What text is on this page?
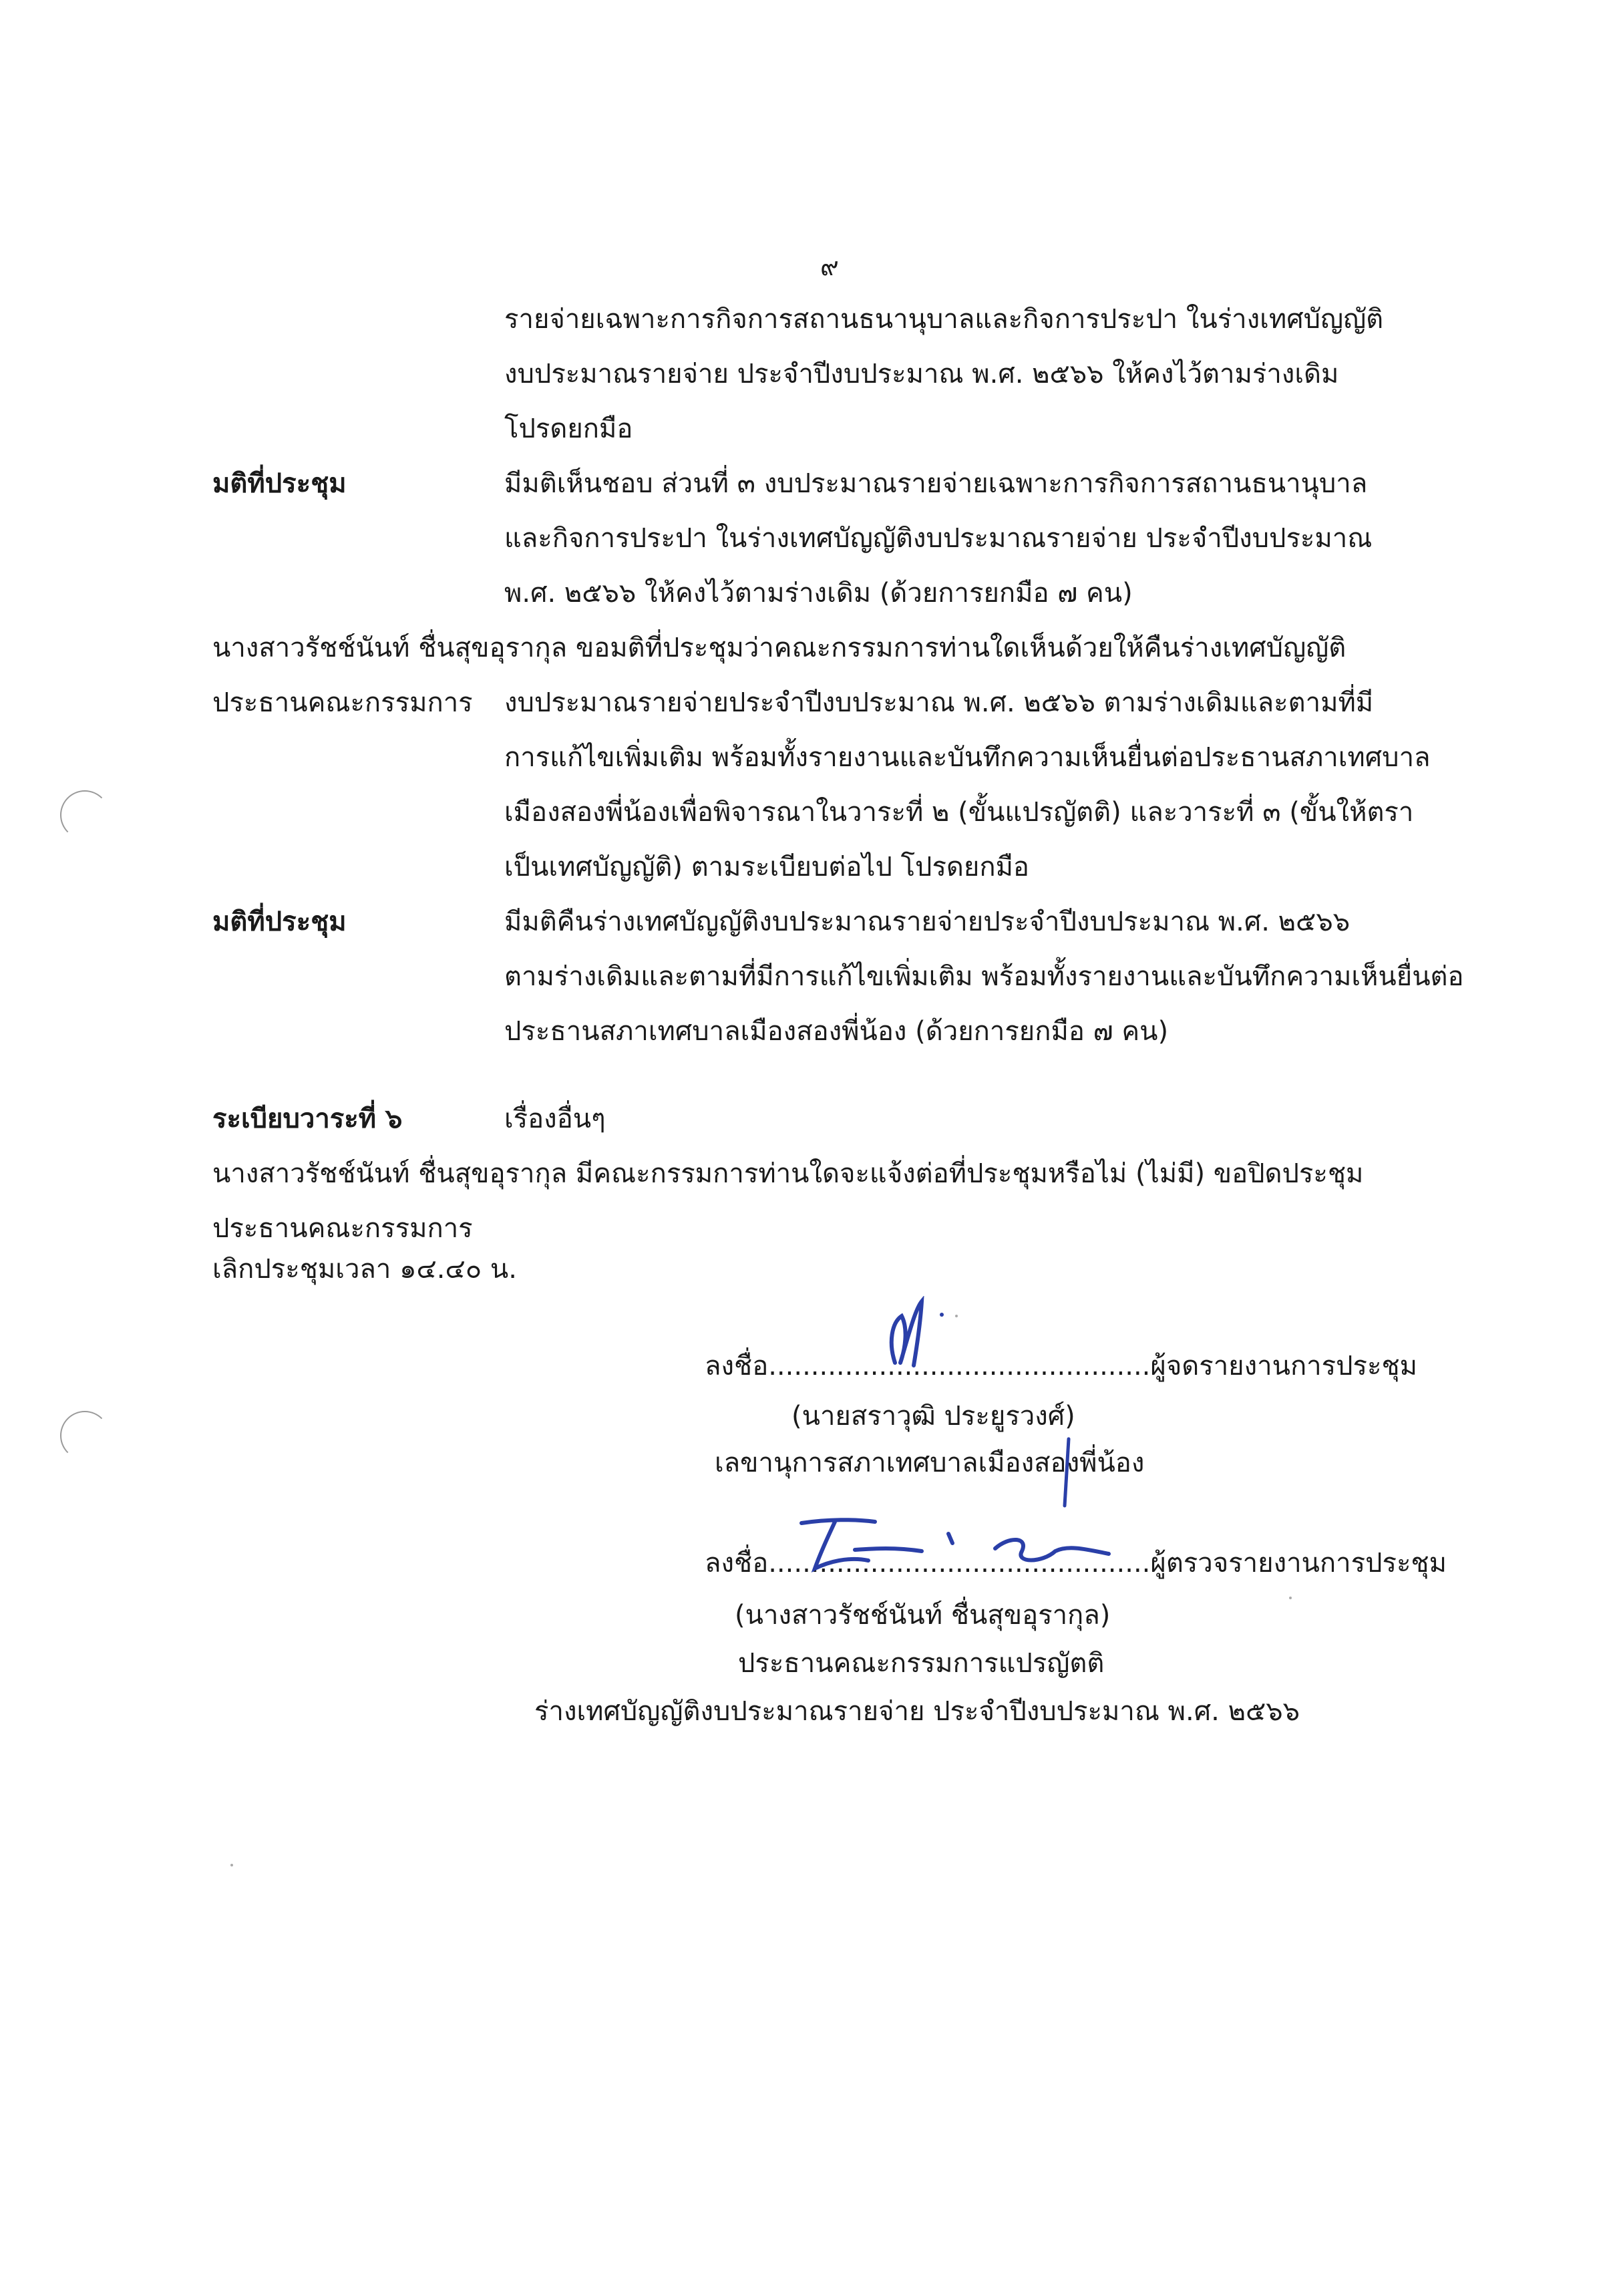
๙
รายจ่ายเฉพาะการกิจการสถานธนานุบาลและกิจการประปา ในร่างเทศบัญญัติ
งบประมาณรายจ่าย ประจำปีงบประมาณ พ.ศ. ๒๕๖๖ ให้คงไว้ตามร่างเดิม
โปรดยกมือ
มติที่ประชุม	มีมติเห็นชอบ ส่วนที่ ๓ งบประมาณรายจ่ายเฉพาะการกิจการสถานธนานุบาล
และกิจการประปา ในร่างเทศบัญญัติงบประมาณรายจ่าย ประจำปีงบประมาณ
พ.ศ. ๒๕๖๖ ให้คงไว้ตามร่างเดิม (ด้วยการยกมือ ๗ คน)
นางสาวรัชช์นันท์ ชื่นสุขอุรากุล ขอมติที่ประชุมว่าคณะกรรมการท่านใดเห็นด้วยให้คืนร่างเทศบัญญัติ
ประธานคณะกรรมการ งบประมาณรายจ่ายประจำปีงบประมาณ พ.ศ. ๒๕๖๖ ตามร่างเดิมและตามที่มี
การแก้ไขเพิ่มเติม พร้อมทั้งรายงานและบันทึกความเห็นยื่นต่อประธานสภาเทศบาล
เมืองสองพี่น้องเพื่อพิจารณาในวาระที่ ๒ (ขั้นแปรญัตติ) และวาระที่ ๓ (ขั้นให้ตรา
เป็นเทศบัญญัติ) ตามระเบียบต่อไป โปรดยกมือ
มติที่ประชุม	มีมติคืนร่างเทศบัญญัติงบประมาณรายจ่ายประจำปีงบประมาณ พ.ศ. ๒๕๖๖
ตามร่างเดิมและตามที่มีการแก้ไขเพิ่มเติม พร้อมทั้งรายงานและบันทึกความเห็นยื่นต่อ
ประธานสภาเทศบาลเมืองสองพี่น้อง (ด้วยการยกมือ ๗ คน)
ระเบียบวาระที่ ๖	เรื่องอื่นๆ
นางสาวรัชช์นันท์ ชื่นสุขอุรากุล มีคณะกรรมการท่านใดจะแจ้งต่อที่ประชุมหรือไม่ (ไม่มี) ขอปิดประชุม
ประธานคณะกรรมการ
เลิกประชุมเวลา ๑๔.๔๐ น.
ลงชื่อ.............................................ผู้จดรายงานการประชุม
(นายสราวุฒิ ประยูรวงศ์)
เลขานุการสภาเทศบาลเมืองสองพี่น้อง
ลงชื่อ.............................................ผู้ตรวจรายงานการประชุม
(นางสาวรัชช์นันท์ ชื่นสุขอุรากุล)
ประธานคณะกรรมการแปรญัตติ
ร่างเทศบัญญัติงบประมาณรายจ่าย ประจำปีงบประมาณ พ.ศ. ๒๕๖๖
